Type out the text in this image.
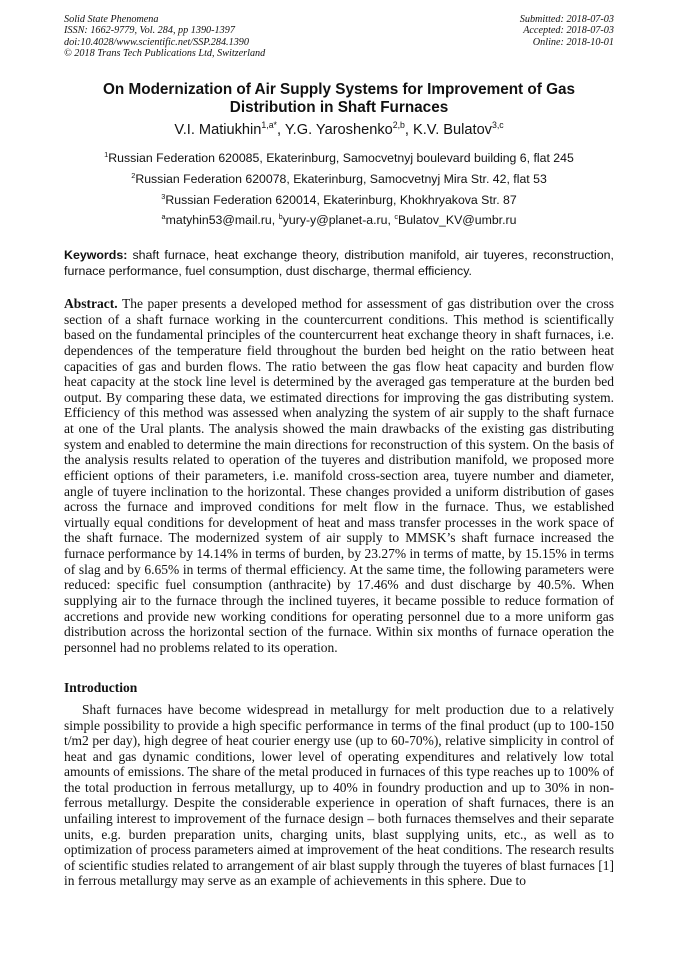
Solid State Phenomena
ISSN: 1662-9779, Vol. 284, pp 1390-1397
doi:10.4028/www.scientific.net/SSP.284.1390
© 2018 Trans Tech Publications Ltd, Switzerland
Submitted: 2018-07-03
Accepted: 2018-07-03
Online: 2018-10-01
On Modernization of Air Supply Systems for Improvement of Gas Distribution in Shaft Furnaces
V.I. Matiukhin$^{1,a*}$, Y.G. Yaroshenko$^{2,b}$, K.V. Bulatov$^{3,c}$
$^1$Russian Federation 620085, Ekaterinburg, Samocvetnyj boulevard building 6, flat 245
$^2$Russian Federation 620078, Ekaterinburg, Samocvetnyj Mira Str. 42, flat 53
$^3$Russian Federation 620014, Ekaterinburg, Khokhryakova Str. 87
$^a$matyhin53@mail.ru, $^b$yury-y@planet-a.ru, $^c$Bulatov_KV@umbr.ru
Keywords: shaft furnace, heat exchange theory, distribution manifold, air tuyeres, reconstruction, furnace performance, fuel consumption, dust discharge, thermal efficiency.
Abstract. The paper presents a developed method for assessment of gas distribution over the cross section of a shaft furnace working in the countercurrent conditions. This method is scientifically based on the fundamental principles of the countercurrent heat exchange theory in shaft furnaces, i.e. dependences of the temperature field throughout the burden bed height on the ratio between heat capacities of gas and burden flows. The ratio between the gas flow heat capacity and burden flow heat capacity at the stock line level is determined by the averaged gas temperature at the burden bed output. By comparing these data, we estimated directions for improving the gas distributing system. Efficiency of this method was assessed when analyzing the system of air supply to the shaft furnace at one of the Ural plants. The analysis showed the main drawbacks of the existing gas distributing system and enabled to determine the main directions for reconstruction of this system. On the basis of the analysis results related to operation of the tuyeres and distribution manifold, we proposed more efficient options of their parameters, i.e. manifold cross-section area, tuyere number and diameter, angle of tuyere inclination to the horizontal. These changes provided a uniform distribution of gases across the furnace and improved conditions for melt flow in the furnace. Thus, we established virtually equal conditions for development of heat and mass transfer processes in the work space of the shaft furnace. The modernized system of air supply to MMSK’s shaft furnace increased the furnace performance by 14.14% in terms of burden, by 23.27% in terms of matte, by 15.15% in terms of slag and by 6.65% in terms of thermal efficiency. At the same time, the following parameters were reduced: specific fuel consumption (anthracite) by 17.46% and dust discharge by 40.5%. When supplying air to the furnace through the inclined tuyeres, it became possible to reduce formation of accretions and provide new working conditions for operating personnel due to a more uniform gas distribution across the horizontal section of the furnace. Within six months of furnace operation the personnel had no problems related to its operation.
Introduction
Shaft furnaces have become widespread in metallurgy for melt production due to a relatively simple possibility to provide a high specific performance in terms of the final product (up to 100-150 t/m2 per day), high degree of heat courier energy use (up to 60-70%), relative simplicity in control of heat and gas dynamic conditions, lower level of operating expenditures and relatively low total amounts of emissions. The share of the metal produced in furnaces of this type reaches up to 100% of the total production in ferrous metallurgy, up to 40% in foundry production and up to 30% in non-ferrous metallurgy. Despite the considerable experience in operation of shaft furnaces, there is an unfailing interest to improvement of the furnace design – both furnaces themselves and their separate units, e.g. burden preparation units, charging units, blast supplying units, etc., as well as to optimization of process parameters aimed at improvement of the heat conditions. The research results of scientific studies related to arrangement of air blast supply through the tuyeres of blast furnaces [1] in ferrous metallurgy may serve as an example of achievements in this sphere. Due to
